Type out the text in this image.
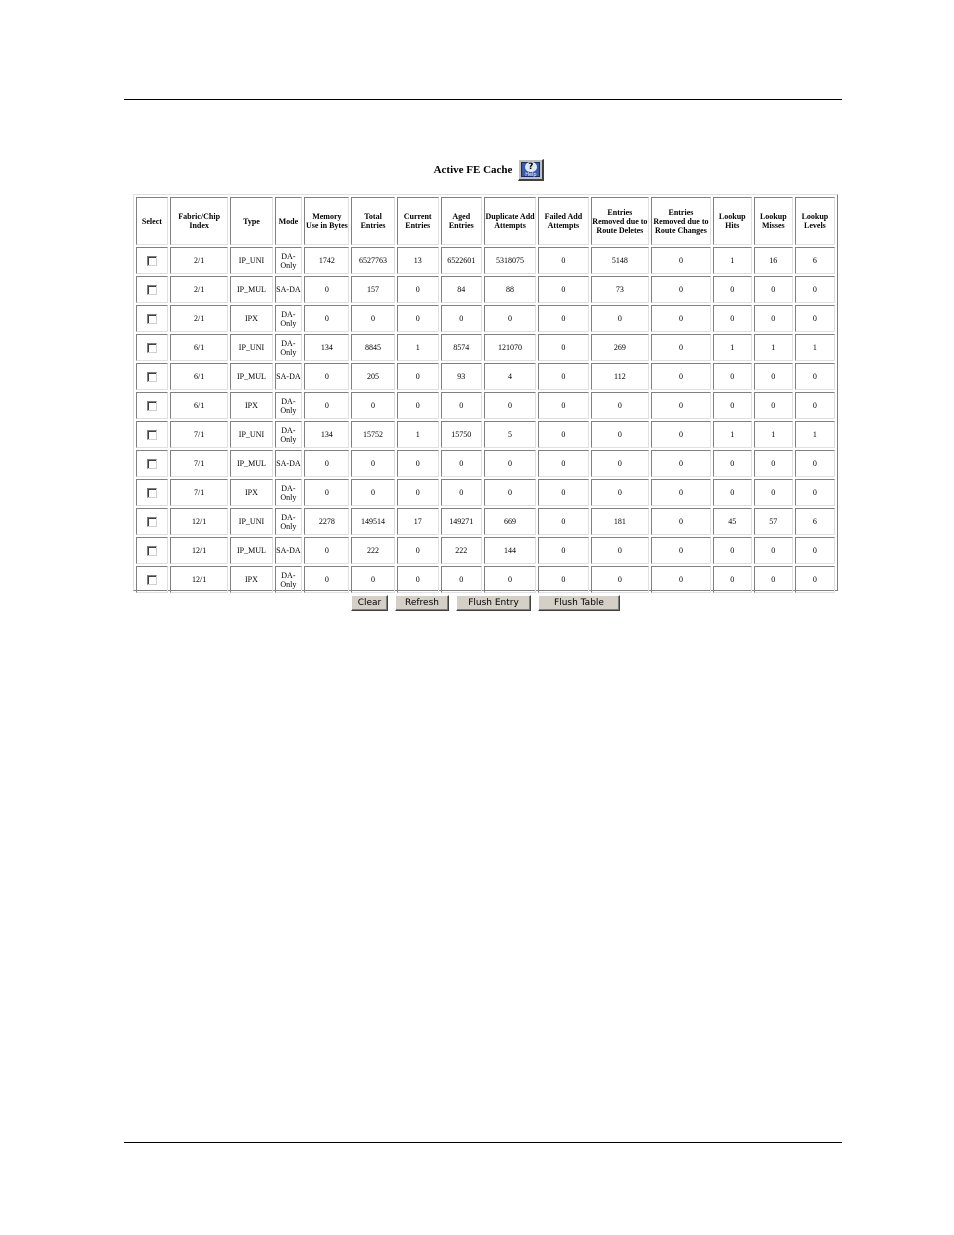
Active FE Cache	?
Help
Select	Fabric/Chip Index	Type	Mode	Memory Use in Bytes	Total Entries	Current Entries	Aged Entries	Duplicate Add Attempts	Failed Add Attempts	Entries Removed due to Route Deletes	Entries Removed due to Route Changes	Lookup Hits	Lookup Misses	Lookup Levels
	2/1	IP_UNI	DA-Only	1742	6527763	13	6522601	5318075	0	5148	0	1	16	6
	2/1	IP_MUL	SA-DA	0	157	0	84	88	0	73	0	0	0	0
	2/1	IPX	DA-Only	0	0	0	0	0	0	0	0	0	0	0
	6/1	IP_UNI	DA-Only	134	8845	1	8574	121070	0	269	0	1	1	1
	6/1	IP_MUL	SA-DA	0	205	0	93	4	0	112	0	0	0	0
	6/1	IPX	DA-Only	0	0	0	0	0	0	0	0	0	0	0
	7/1	IP_UNI	DA-Only	134	15752	1	15750	5	0	0	0	1	1	1
	7/1	IP_MUL	SA-DA	0	0	0	0	0	0	0	0	0	0	0
	7/1	IPX	DA-Only	0	0	0	0	0	0	0	0	0	0	0
	12/1	IP_UNI	DA-Only	2278	149514	17	149271	669	0	181	0	45	57	6
	12/1	IP_MUL	SA-DA	0	222	0	222	144	0	0	0	0	0	0
	12/1	IPX	DA-Only	0	0	0	0	0	0	0	0	0	0	0
Clear	Refresh	Flush Entry	Flush Table
